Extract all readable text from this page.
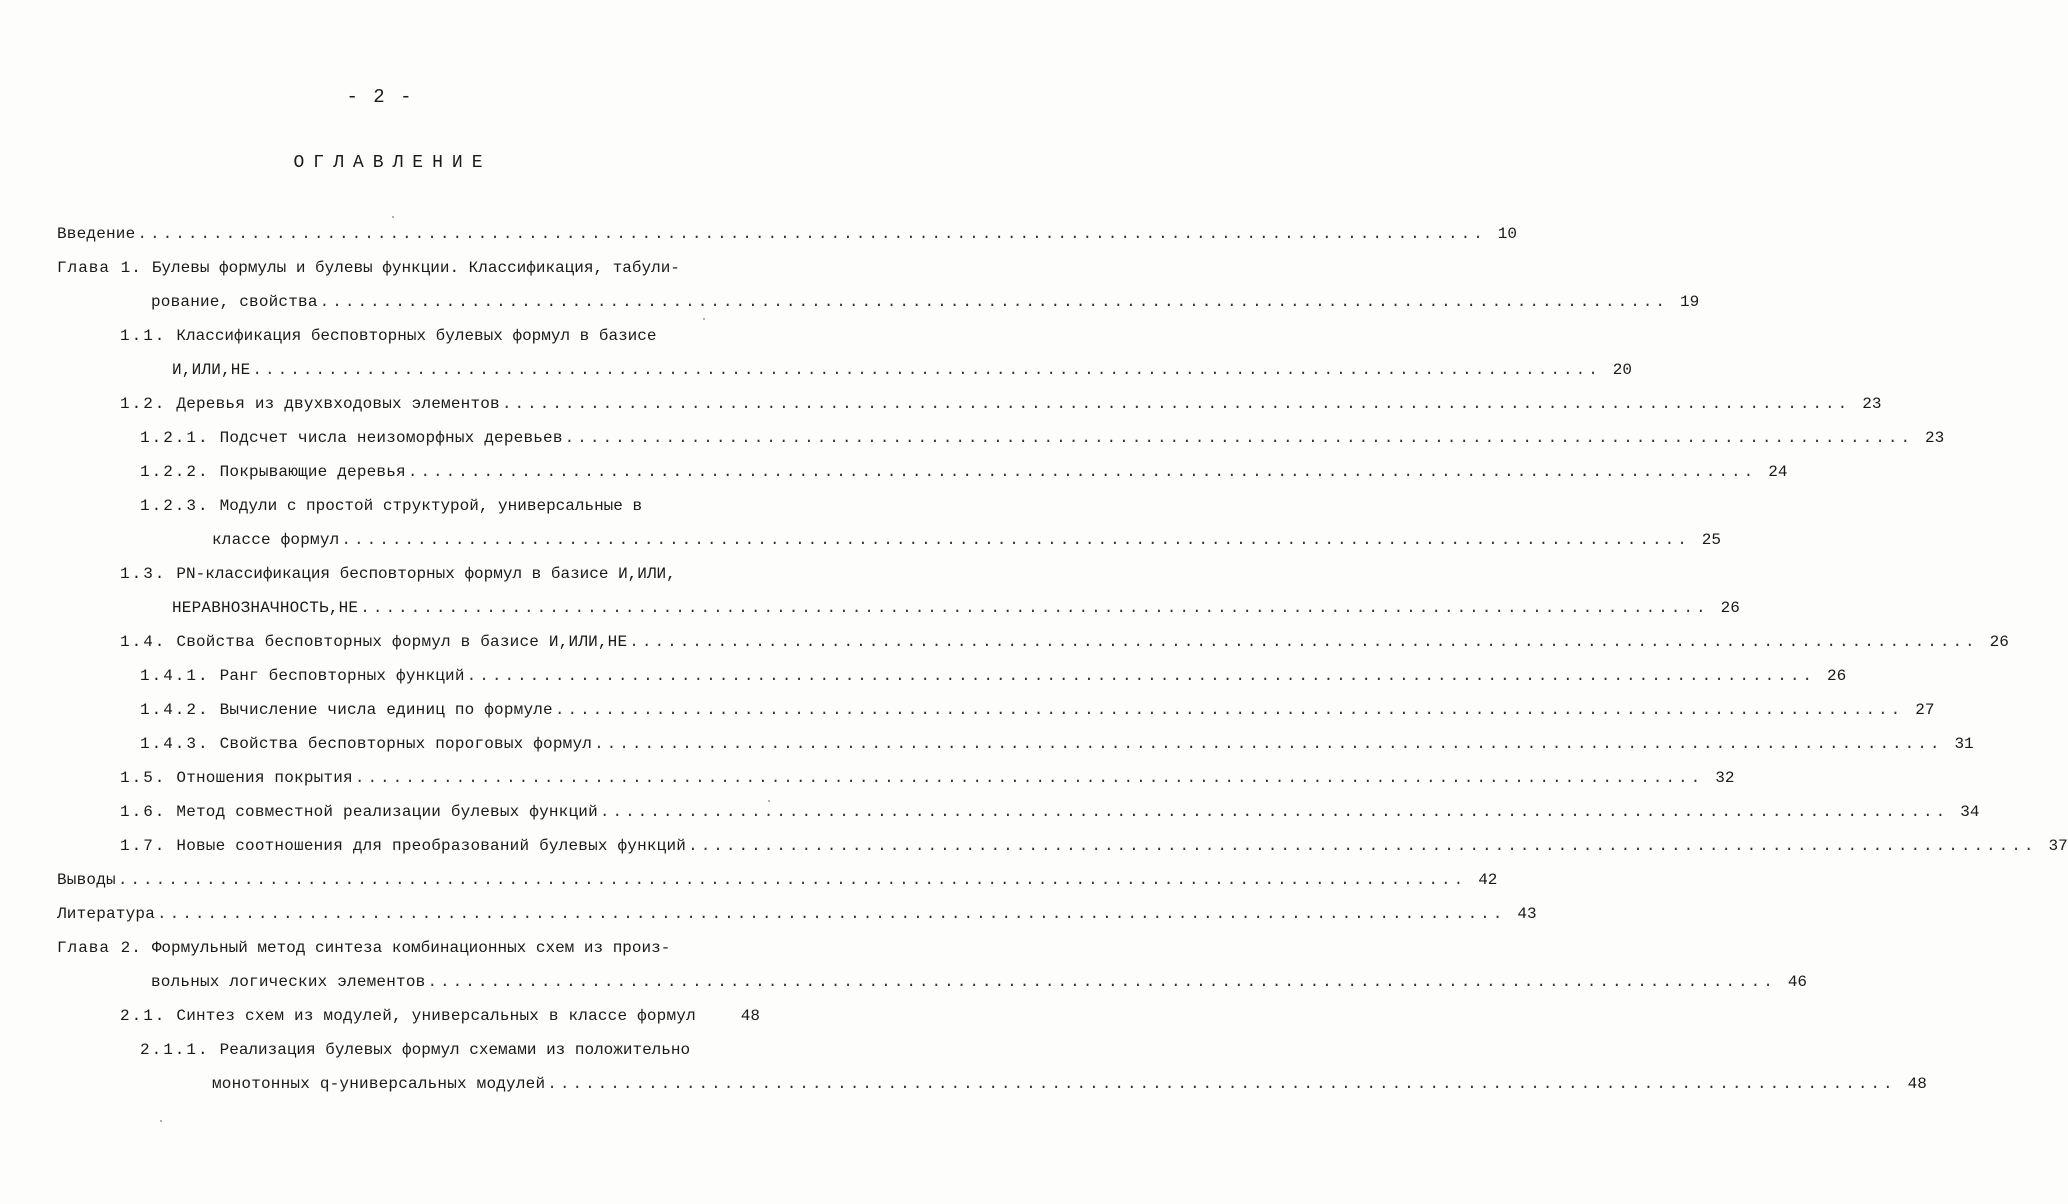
- 2 -
ОГЛАВЛЕНИЕ
Введение ........................................................................................................... 10
Глава 1. Булевы формулы и булевы функции. Классификация, табули-
рование, свойства ........................................................................................................... 19
1.1. Классификация бесповторных булевых формул в базисе
И,ИЛИ,НЕ ........................................................................................................... 20
1.2. Деревья из двухвходовых элементов ........................................................................................................... 23
1.2.1. Подсчет числа неизоморфных деревьев ........................................................................................................... 23
1.2.2. Покрывающие деревья ........................................................................................................... 24
1.2.3. Модули с простой структурой, универсальные в
классе формул ........................................................................................................... 25
1.3. PN-классификация бесповторных формул в базисе И,ИЛИ,
НЕРАВНОЗНАЧНОСТЬ,НЕ ........................................................................................................... 26
1.4. Свойства бесповторных формул в базисе И,ИЛИ,НЕ ........................................................................................................... 26
1.4.1. Ранг бесповторных функций ........................................................................................................... 26
1.4.2. Вычисление числа единиц по формуле ........................................................................................................... 27
1.4.3. Свойства бесповторных пороговых формул ........................................................................................................... 31
1.5. Отношения покрытия ........................................................................................................... 32
1.6. Метод совместной реализации булевых функций ........................................................................................................... 34
1.7. Новые соотношения для преобразований булевых функций ........................................................................................................... 37
Выводы ........................................................................................................... 42
Литература ........................................................................................................... 43
Глава 2. Формульный метод синтеза комбинационных схем из произ-
вольных логических элементов ........................................................................................................... 46
2.1. Синтез схем из модулей, универсальных в классе формул	48
2.1.1. Реализация булевых формул схемами из положительно
монотонных q-универсальных модулей ........................................................................................................... 48
